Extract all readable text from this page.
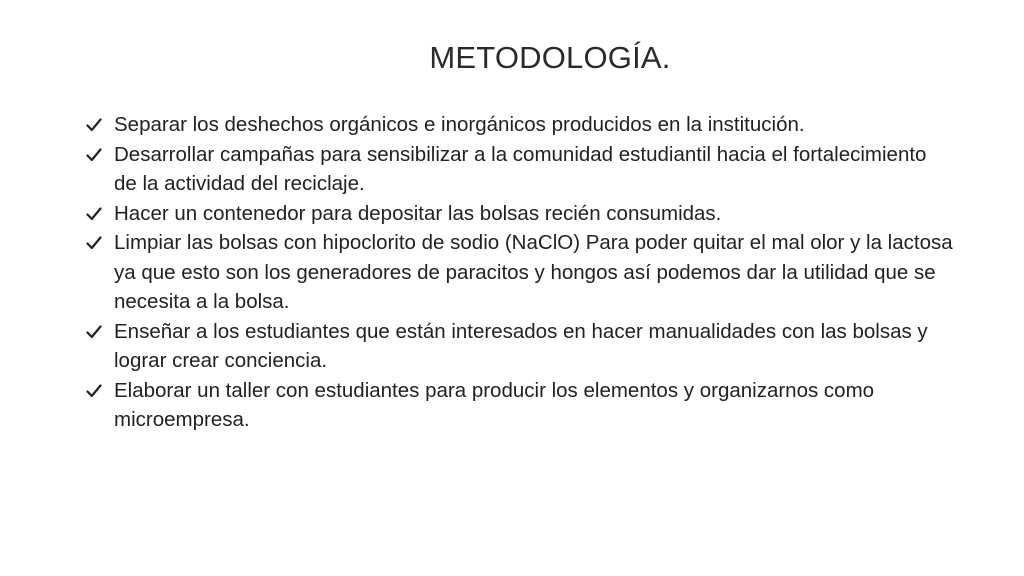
METODOLOGÍA.
Separar los deshechos orgánicos e inorgánicos producidos en la institución.
Desarrollar campañas para sensibilizar a la comunidad estudiantil hacia el fortalecimiento de la actividad del reciclaje.
Hacer un contenedor para depositar las bolsas recién consumidas.
Limpiar las bolsas con hipoclorito de sodio (NaClO) Para poder quitar el mal olor y la lactosa ya que esto son los generadores de paracitos y hongos así podemos dar la utilidad que se necesita a la bolsa.
Enseñar a los estudiantes que están interesados en hacer manualidades con las bolsas y lograr crear conciencia.
Elaborar un taller con estudiantes para producir los elementos y organizarnos como microempresa.
